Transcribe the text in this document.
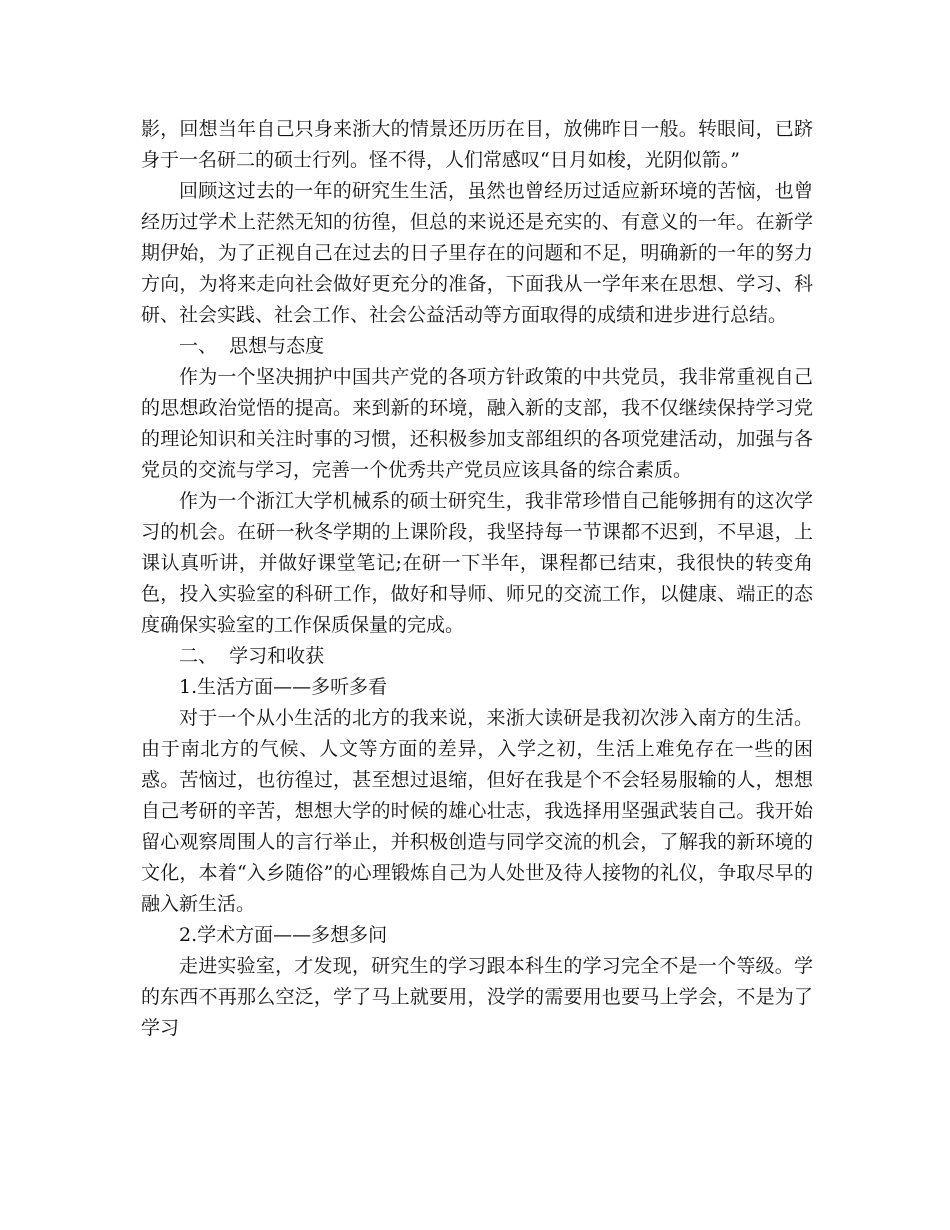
影，回想当年自己只身来浙大的情景还历历在目，放佛昨日一般。转眼间，已跻身于一名研二的硕士行列。怪不得，人们常感叹“日月如梭，光阴似箭。”

回顾这过去的一年的研究生生活，虽然也曾经历过适应新环境的苦恼，也曾经历过学术上茫然无知的彷徨，但总的来说还是充实的、有意义的一年。在新学期伊始，为了正视自己在过去的日子里存在的问题和不足，明确新的一年的努力方向，为将来走向社会做好更充分的准备，下面我从一学年来在思想、学习、科研、社会实践、社会工作、社会公益活动等方面取得的成绩和进步进行总结。

一、  思想与态度

作为一个坚决拥护中国共产党的各项方针政策的中共党员，我非常重视自己的思想政治觉悟的提高。来到新的环境，融入新的支部，我不仅继续保持学习党的理论知识和关注时事的习惯，还积极参加支部组织的各项党建活动，加强与各党员的交流与学习，完善一个优秀共产党员应该具备的综合素质。

作为一个浙江大学机械系的硕士研究生，我非常珍惜自己能够拥有的这次学习的机会。在研一秋冬学期的上课阶段，我坚持每一节课都不迟到，不早退，上课认真听讲，并做好课堂笔记;在研一下半年，课程都已结束，我很快的转变角色，投入实验室的科研工作，做好和导师、师兄的交流工作，以健康、端正的态度确保实验室的工作保质保量的完成。

二、  学习和收获

1.生活方面——多听多看

对于一个从小生活的北方的我来说，来浙大读研是我初次涉入南方的生活。由于南北方的气候、人文等方面的差异，入学之初，生活上难免存在一些的困惑。苦恼过，也彷徨过，甚至想过退缩，但好在我是个不会轻易服输的人，想想自己考研的辛苦，想想大学的时候的雄心壮志，我选择用坚强武装自己。我开始留心观察周围人的言行举止，并积极创造与同学交流的机会，了解我的新环境的文化，本着“入乡随俗”的心理锻炼自己为人处世及待人接物的礼仪，争取尽早的融入新生活。

2.学术方面——多想多问

走进实验室，才发现，研究生的学习跟本科生的学习完全不是一个等级。学的东西不再那么空泛，学了马上就要用，没学的需要用也要马上学会，不是为了学习
